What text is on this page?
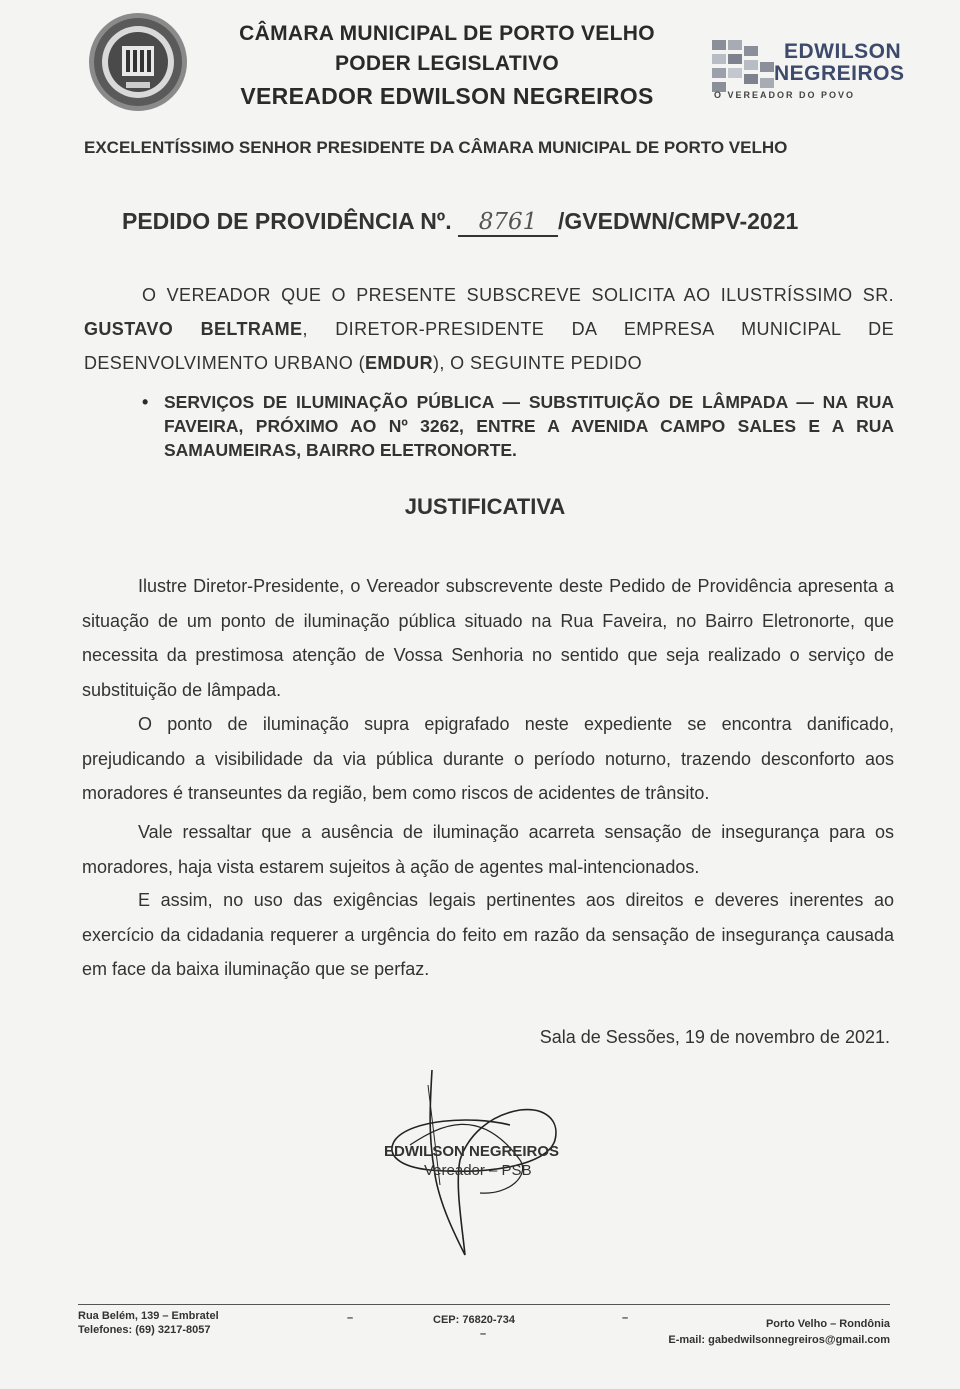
CÂMARA MUNICIPAL DE PORTO VELHO
PODER LEGISLATIVO
VEREADOR EDWILSON NEGREIROS
EDWILSON
NEGREIROS
O VEREADOR DO POVO
EXCELENTÍSSIMO SENHOR PRESIDENTE DA CÂMARA MUNICIPAL DE PORTO VELHO
PEDIDO DE PROVIDÊNCIA Nº. 8761 /GVEDWN/CMPV-2021
O VEREADOR QUE O PRESENTE SUBSCREVE SOLICITA AO ILUSTRÍSSIMO SR. GUSTAVO BELTRAME, DIRETOR-PRESIDENTE DA EMPRESA MUNICIPAL DE DESENVOLVIMENTO URBANO (EMDUR), O SEGUINTE PEDIDO
• SERVIÇOS DE ILUMINAÇÃO PÚBLICA — SUBSTITUIÇÃO DE LÂMPADA — NA RUA FAVEIRA, PRÓXIMO AO Nº 3262, ENTRE A AVENIDA CAMPO SALES E A RUA SAMAUMEIRAS, BAIRRO ELETRONORTE.
JUSTIFICATIVA
Ilustre Diretor-Presidente, o Vereador subscrevente deste Pedido de Providência apresenta a situação de um ponto de iluminação pública situado na Rua Faveira, no Bairro Eletronorte, que necessita da prestimosa atenção de Vossa Senhoria no sentido que seja realizado o serviço de substituição de lâmpada.
O ponto de iluminação supra epigrafado neste expediente se encontra danificado, prejudicando a visibilidade da via pública durante o período noturno, trazendo desconforto aos moradores é transeuntes da região, bem como riscos de acidentes de trânsito.
Vale ressaltar que a ausência de iluminação acarreta sensação de insegurança para os moradores, haja vista estarem sujeitos à ação de agentes mal-intencionados.
E assim, no uso das exigências legais pertinentes aos direitos e deveres inerentes ao exercício da cidadania requerer a urgência do feito em razão da sensação de insegurança causada em face da baixa iluminação que se perfaz.
Sala de Sessões, 19 de novembro de 2021.
EDWILSON NEGREIROS
Vereador – PSB
Rua Belém, 139 – Embratel
Telefones: (69) 3217-8057
–	CEP: 76820-734
–
–	Porto Velho – Rondônia
E-mail: gabedwilsonnegreiros@gmail.com
